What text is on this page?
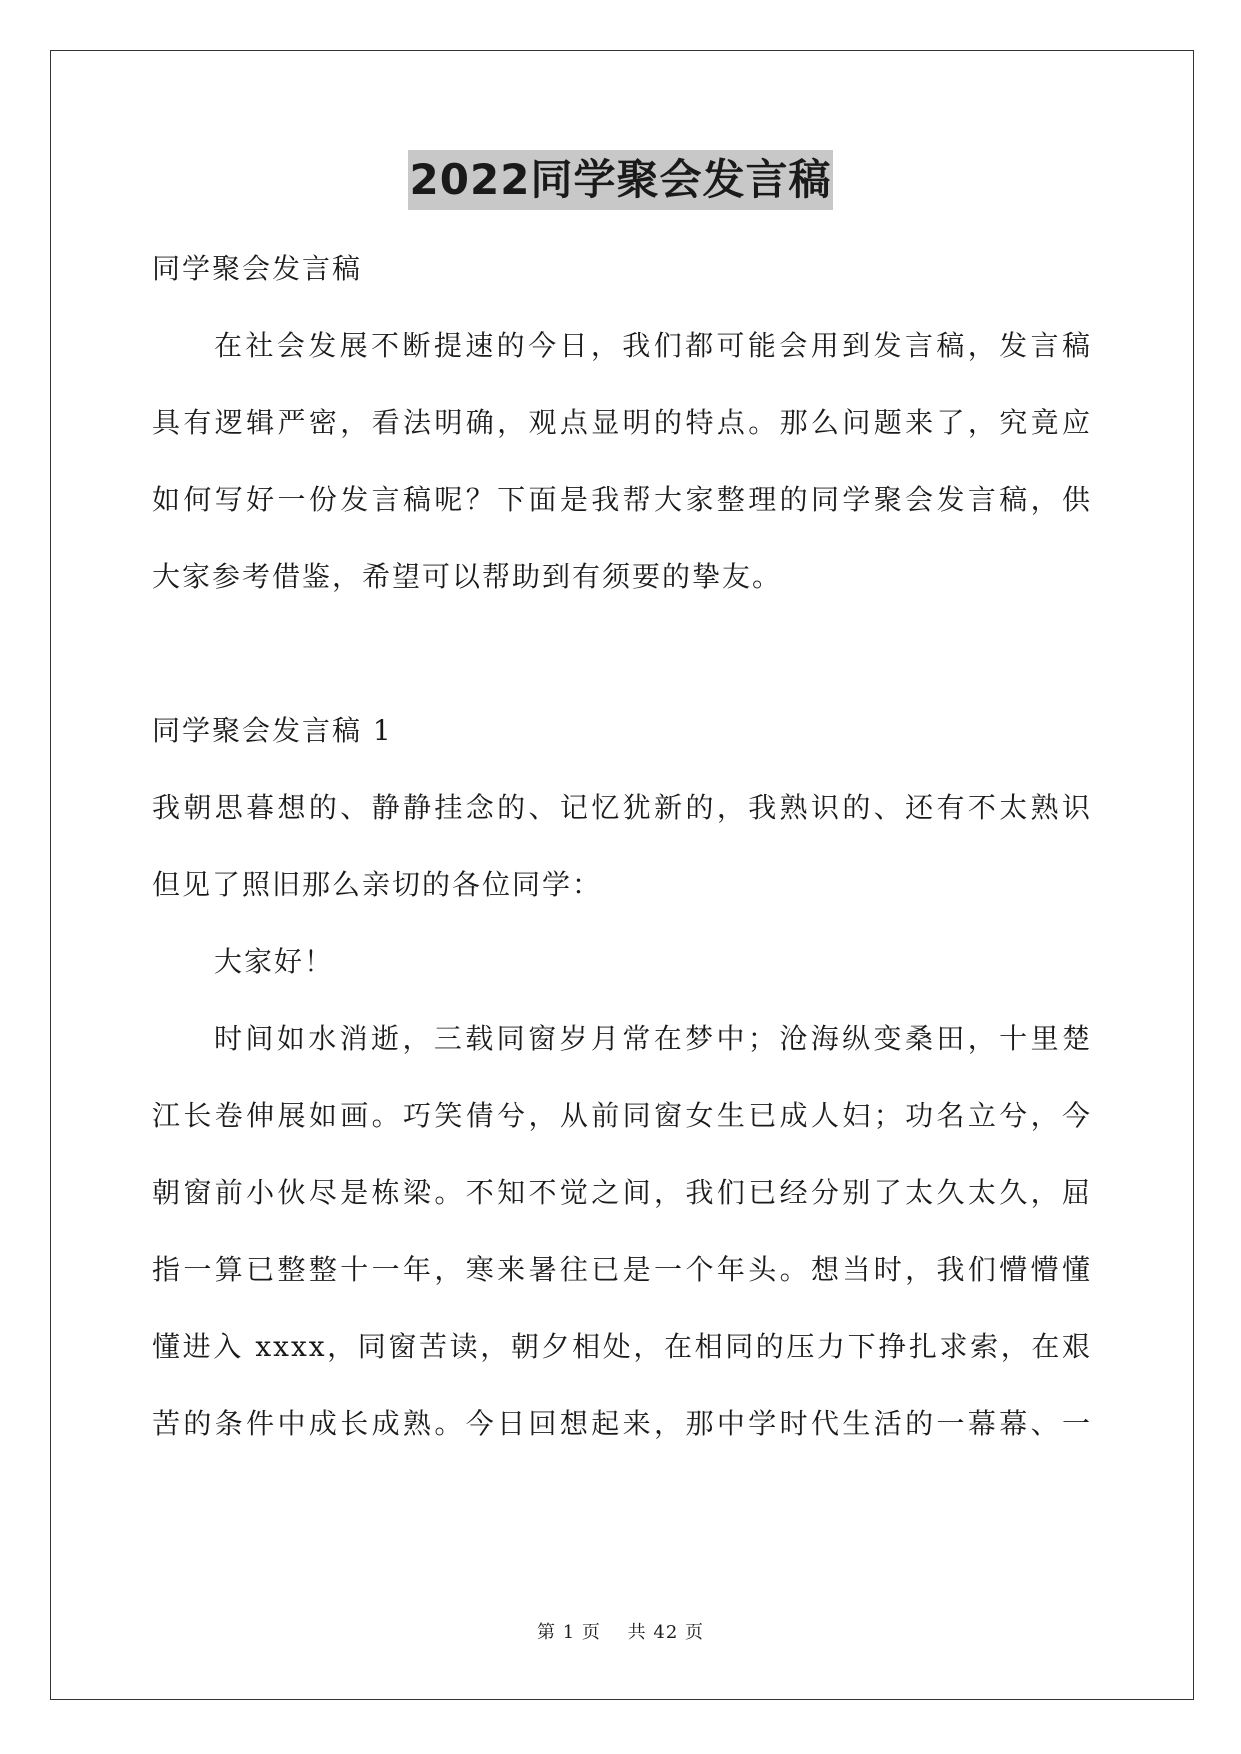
2022同学聚会发言稿
同学聚会发言稿
在社会发展不断提速的今日，我们都可能会用到发言稿，发言稿
具有逻辑严密，看法明确，观点显明的特点。那么问题来了，究竟应
如何写好一份发言稿呢？下面是我帮大家整理的同学聚会发言稿，供
大家参考借鉴，希望可以帮助到有须要的挚友。
同学聚会发言稿 1
我朝思暮想的、静静挂念的、记忆犹新的，我熟识的、还有不太熟识
但见了照旧那么亲切的各位同学：
大家好！
时间如水消逝，三载同窗岁月常在梦中；沧海纵变桑田，十里楚
江长卷伸展如画。巧笑倩兮，从前同窗女生已成人妇；功名立兮，今
朝窗前小伙尽是栋梁。不知不觉之间，我们已经分别了太久太久，屈
指一算已整整十一年，寒来暑往已是一个年头。想当时，我们懵懵懂
懂进入 xxxx，同窗苦读，朝夕相处，在相同的压力下挣扎求索，在艰
苦的条件中成长成熟。今日回想起来，那中学时代生活的一幕幕、一
第 1 页 共 42 页
